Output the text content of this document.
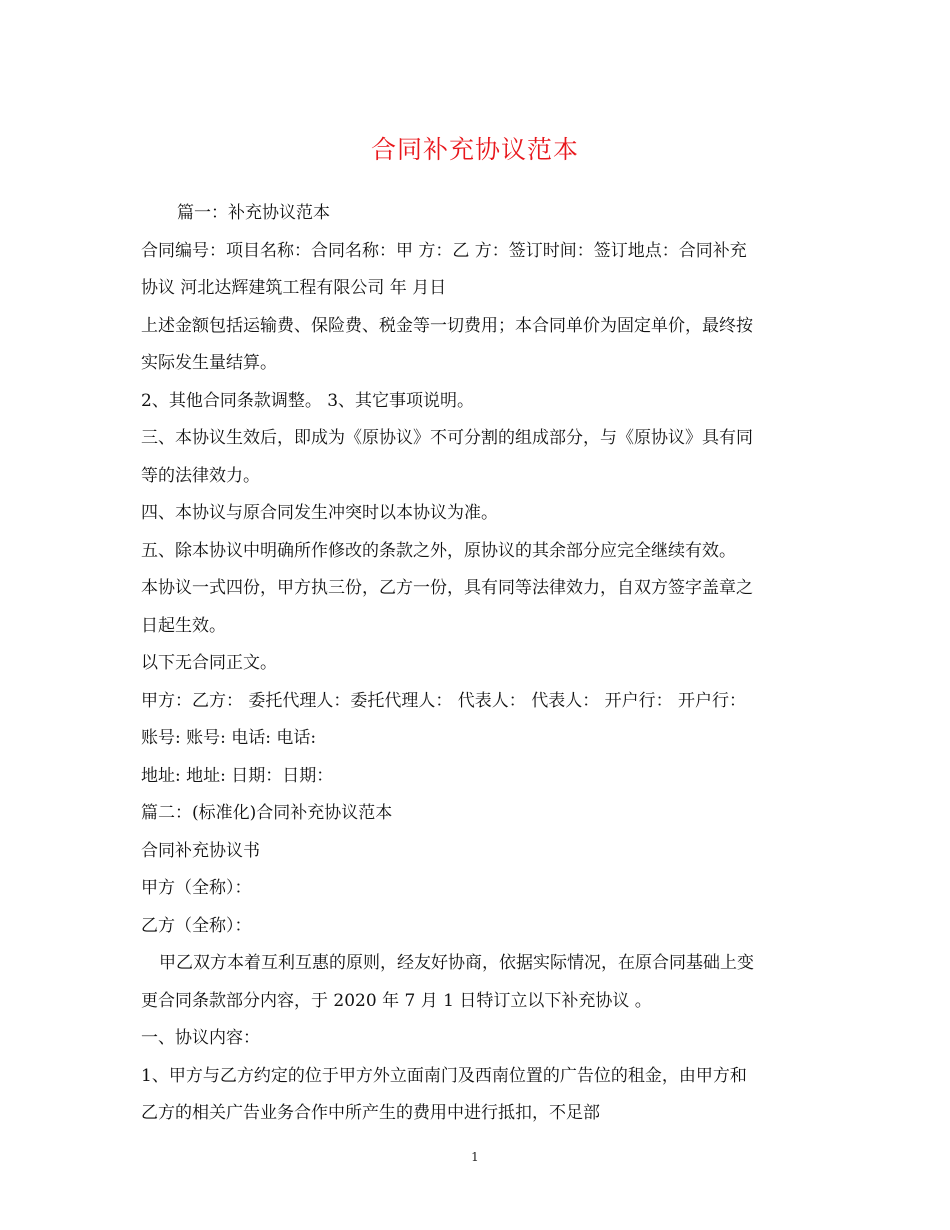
合同补充协议范本
篇一：补充协议范本
合同编号：项目名称：合同名称：甲 方：乙 方：签订时间：签订地点：合同补充
协议 河北达辉建筑工程有限公司 年 月日
上述金额包括运输费、保险费、税金等一切费用；本合同单价为固定单价，最终按
实际发生量结算。
2、其他合同条款调整。 3、其它事项说明。
三、本协议生效后，即成为《原协议》不可分割的组成部分，与《原协议》具有同
等的法律效力。
四、本协议与原合同发生冲突时以本协议为准。
五、除本协议中明确所作修改的条款之外，原协议的其余部分应完全继续有效。
本协议一式四份，甲方执三份，乙方一份，具有同等法律效力，自双方签字盖章之
日起生效。
以下无合同正文。
甲方：乙方： 委托代理人：委托代理人： 代表人： 代表人： 开户行： 开户行：
账号: 账号: 电话: 电话:
地址: 地址: 日期：日期：
篇二：(标准化)合同补充协议范本
合同补充协议书
甲方（全称）：
乙方（全称）：
甲乙双方本着互利互惠的原则，经友好协商，依据实际情况，在原合同基础上变
更合同条款部分内容，于 2020 年 7 月 1 日特订立以下补充协议 。
一、协议内容：
1、甲方与乙方约定的位于甲方外立面南门及西南位置的广告位的租金，由甲方和
乙方的相关广告业务合作中所产生的费用中进行抵扣，不足部
1
